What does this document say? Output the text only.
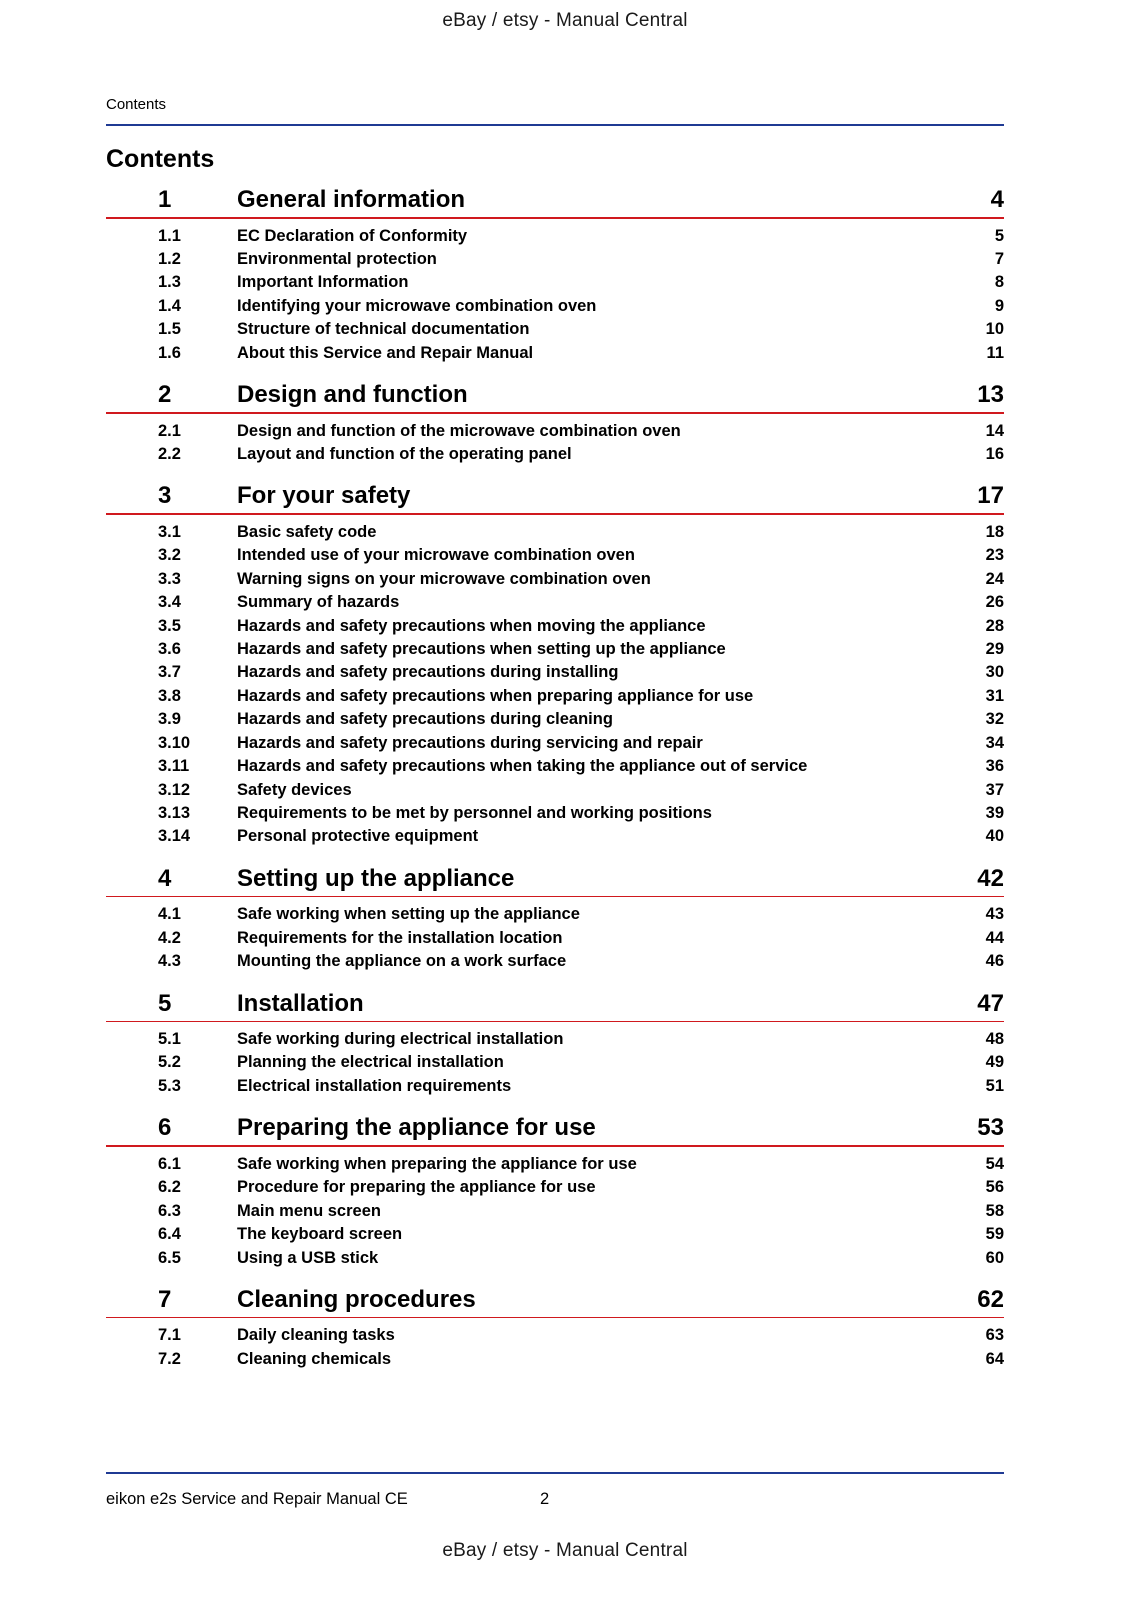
eBay / etsy - Manual Central
Contents
Contents
1	General information	4
1.1	EC Declaration of Conformity	5
1.2	Environmental protection	7
1.3	Important Information	8
1.4	Identifying your microwave combination oven	9
1.5	Structure of technical documentation	10
1.6	About this Service and Repair Manual	11
2	Design and function	13
2.1	Design and function of the microwave combination oven	14
2.2	Layout and function of the operating panel	16
3	For your safety	17
3.1	Basic safety code	18
3.2	Intended use of your microwave combination oven	23
3.3	Warning signs on your microwave combination oven	24
3.4	Summary of hazards	26
3.5	Hazards and safety precautions when moving the appliance	28
3.6	Hazards and safety precautions when setting up the appliance	29
3.7	Hazards and safety precautions during installing	30
3.8	Hazards and safety precautions when preparing appliance for use	31
3.9	Hazards and safety precautions during cleaning	32
3.10	Hazards and safety precautions during servicing and repair	34
3.11	Hazards and safety precautions when taking the appliance out of service	36
3.12	Safety devices	37
3.13	Requirements to be met by personnel and working positions	39
3.14	Personal protective equipment	40
4	Setting up the appliance	42
4.1	Safe working when setting up the appliance	43
4.2	Requirements for the installation location	44
4.3	Mounting the appliance on a work surface	46
5	Installation	47
5.1	Safe working during electrical installation	48
5.2	Planning the electrical installation	49
5.3	Electrical installation requirements	51
6	Preparing the appliance for use	53
6.1	Safe working when preparing the appliance for use	54
6.2	Procedure for preparing the appliance for use	56
6.3	Main menu screen	58
6.4	The keyboard screen	59
6.5	Using a USB stick	60
7	Cleaning procedures	62
7.1	Daily cleaning tasks	63
7.2	Cleaning chemicals	64
eikon e2s Service and Repair Manual CE	2
eBay / etsy - Manual Central
